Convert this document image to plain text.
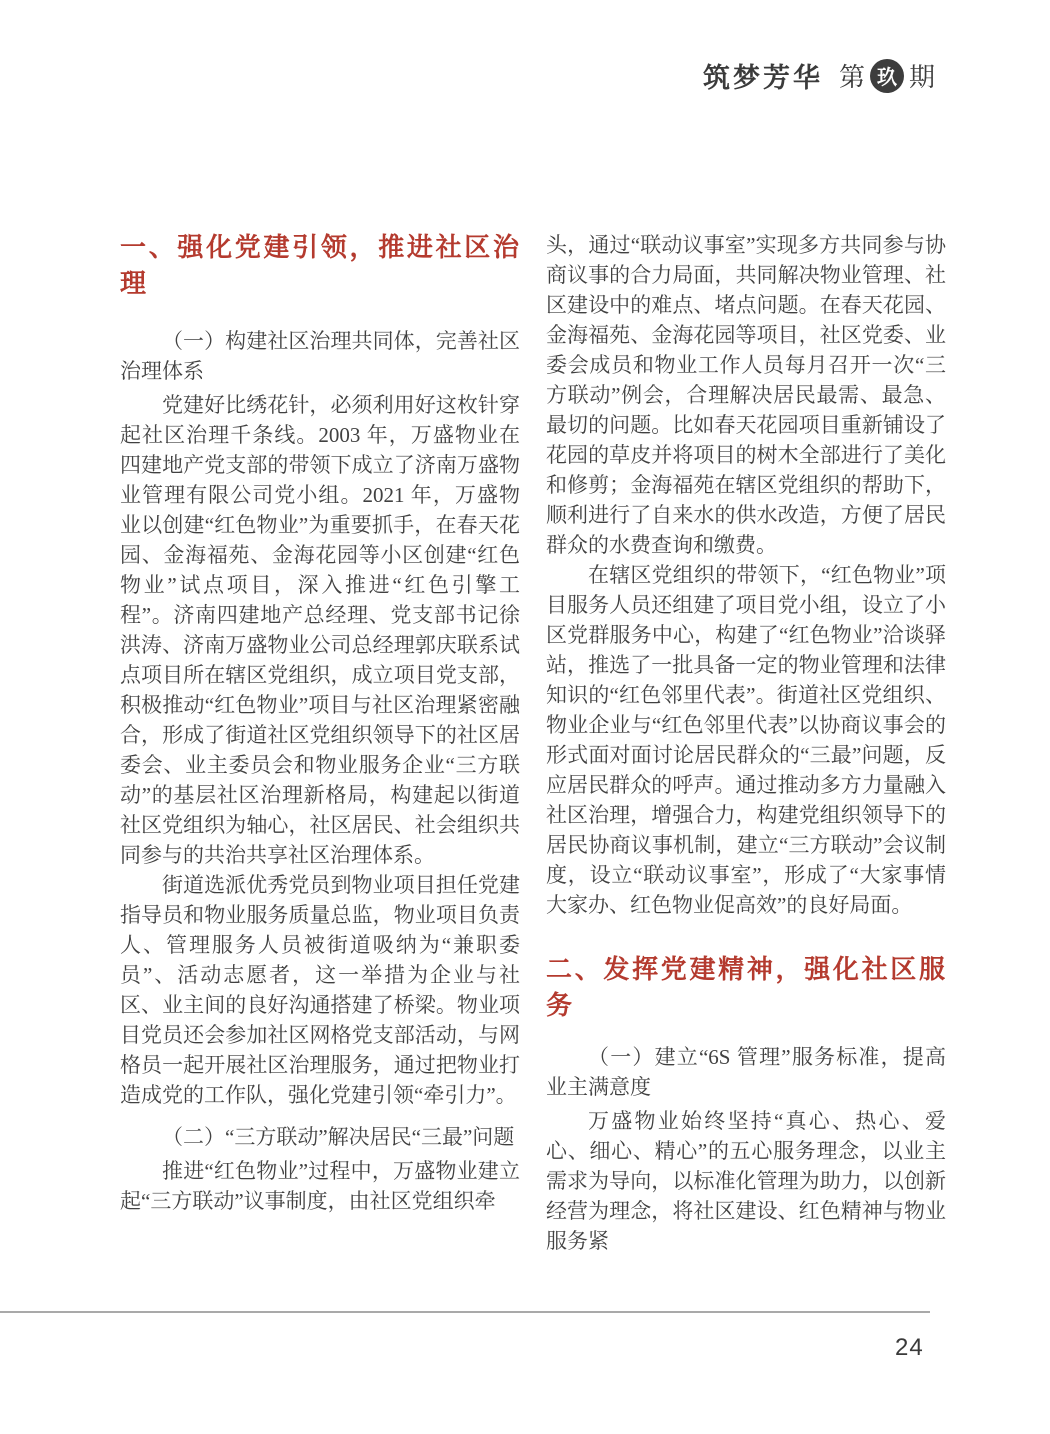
筑梦芳华 第 玖 期
一、强化党建引领，推进社区治理

（一）构建社区治理共同体，完善社区治理体系

党建好比绣花针，必须利用好这枚针穿起社区治理千条线。2003 年，万盛物业在四建地产党支部的带领下成立了济南万盛物业管理有限公司党小组。2021 年，万盛物业以创建“红色物业”为重要抓手，在春天花园、金海福苑、金海花园等小区创建“红色物业”试点项目，深入推进“红色引擎工程”。济南四建地产总经理、党支部书记徐洪涛、济南万盛物业公司总经理郭庆联系试点项目所在辖区党组织，成立项目党支部，积极推动“红色物业”项目与社区治理紧密融合，形成了街道社区党组织领导下的社区居委会、业主委员会和物业服务企业“三方联动”的基层社区治理新格局，构建起以街道社区党组织为轴心，社区居民、社会组织共同参与的共治共享社区治理体系。

街道选派优秀党员到物业项目担任党建指导员和物业服务质量总监，物业项目负责人、管理服务人员被街道吸纳为“兼职委员”、活动志愿者，这一举措为企业与社区、业主间的良好沟通搭建了桥梁。物业项目党员还会参加社区网格党支部活动，与网格员一起开展社区治理服务，通过把物业打造成党的工作队，强化党建引领“牵引力”。

（二）“三方联动”解决居民“三最”问题

推进“红色物业”过程中，万盛物业建立起“三方联动”议事制度，由社区党组织牵

头，通过“联动议事室”实现多方共同参与协商议事的合力局面，共同解决物业管理、社区建设中的难点、堵点问题。在春天花园、金海福苑、金海花园等项目，社区党委、业委会成员和物业工作人员每月召开一次“三方联动”例会，合理解决居民最需、最急、最切的问题。比如春天花园项目重新铺设了花园的草皮并将项目的树木全部进行了美化和修剪；金海福苑在辖区党组织的帮助下，顺利进行了自来水的供水改造，方便了居民群众的水费查询和缴费。

在辖区党组织的带领下，“红色物业”项目服务人员还组建了项目党小组，设立了小区党群服务中心，构建了“红色物业”洽谈驿站，推选了一批具备一定的物业管理和法律知识的“红色邻里代表”。街道社区党组织、物业企业与“红色邻里代表”以协商议事会的形式面对面讨论居民群众的“三最”问题，反应居民群众的呼声。通过推动多方力量融入社区治理，增强合力，构建党组织领导下的居民协商议事机制，建立“三方联动”会议制度，设立“联动议事室”，形成了“大家事情大家办、红色物业促高效”的良好局面。

二、发挥党建精神，强化社区服务

（一）建立“6S 管理”服务标准，提高业主满意度

万盛物业始终坚持“真心、热心、爱心、细心、精心”的五心服务理念，以业主需求为导向，以标准化管理为助力，以创新经营为理念，将社区建设、红色精神与物业服务紧

24
